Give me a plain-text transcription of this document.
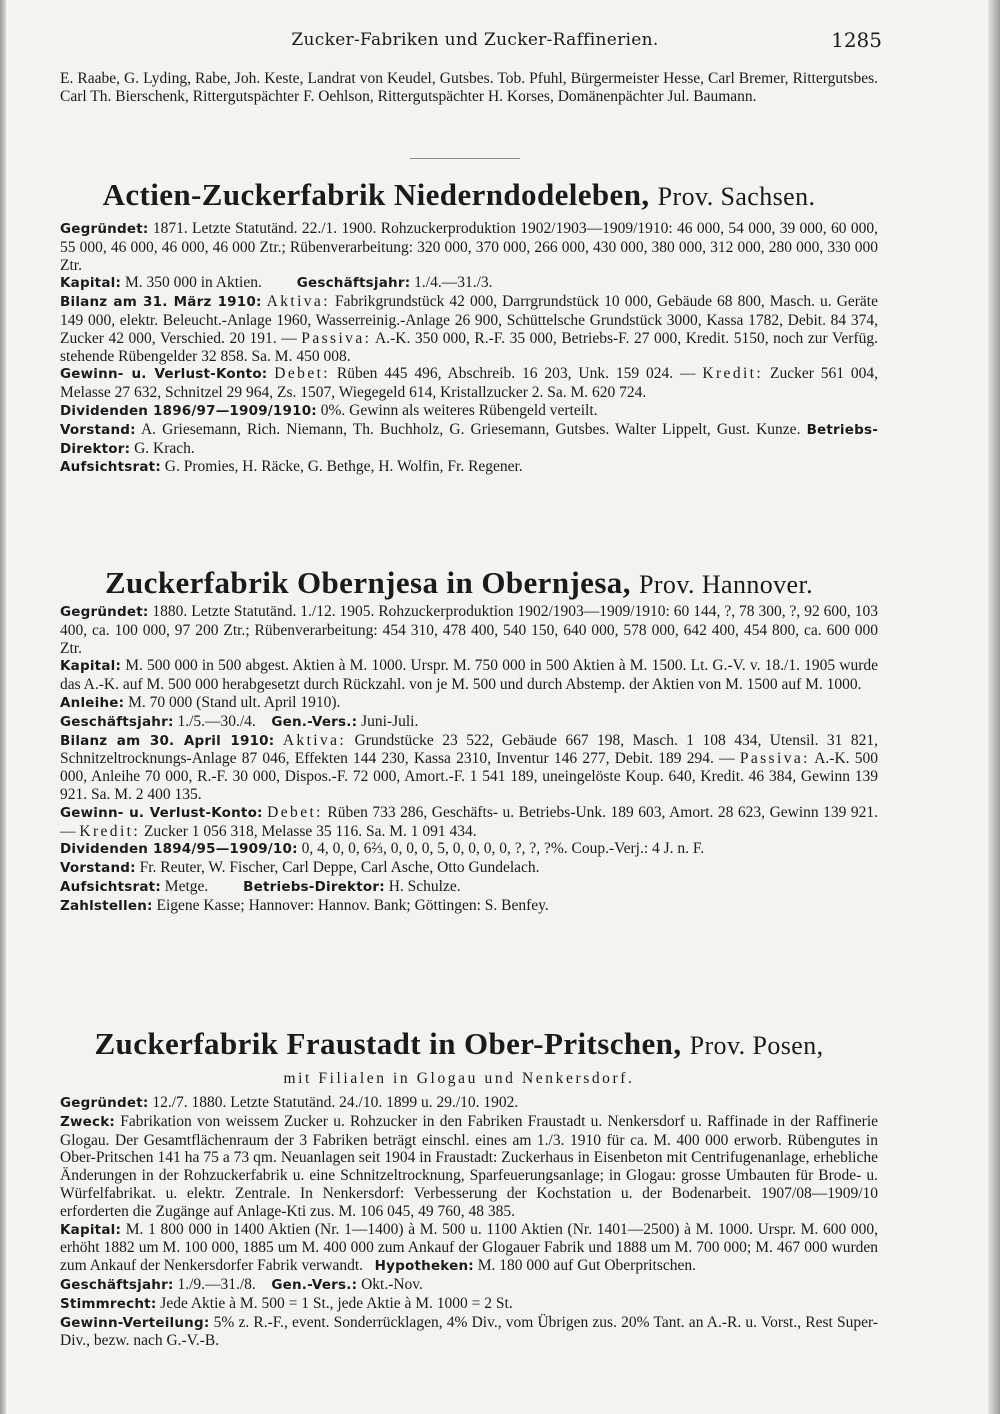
Zucker-Fabriken und Zucker-Raffinerien.	1285

E. Raabe, G. Lyding, Rabe, Joh. Keste, Landrat von Keudel, Gutsbes. Tob. Pfuhl, Bürgermeister Hesse, Carl Bremer, Rittergutsbes. Carl Th. Bierschenk, Rittergutspächter F. Oehlson, Rittergutspächter H. Korses, Domänenpächter Jul. Baumann.

Actien-Zuckerfabrik Niederndodeleben, Prov. Sachsen.

Gegründet: 1871. Letzte Statutänd. 22./1. 1900. Rohzuckerproduktion 1902/1903—1909/1910: 46 000, 54 000, 39 000, 60 000, 55 000, 46 000, 46 000, 46 000 Ztr.; Rübenverarbeitung: 320 000, 370 000, 266 000, 430 000, 380 000, 312 000, 280 000, 330 000 Ztr.

Kapital: M. 350 000 in Aktien.	Geschäftsjahr: 1./4.—31./3.

Bilanz am 31. März 1910: Aktiva: Fabrikgrundstück 42 000, Darrgrundstück 10 000, Gebäude 68 800, Masch. u. Geräte 149 000, elektr. Beleucht.-Anlage 1960, Wasserreinig.-Anlage 26 900, Schüttelsche Grundstück 3000, Kassa 1782, Debit. 84 374, Zucker 42 000, Verschied. 20 191. — Passiva: A.-K. 350 000, R.-F. 35 000, Betriebs-F. 27 000, Kredit. 5150, noch zur Verfüg. stehende Rübengelder 32 858. Sa. M. 450 008.

Gewinn- u. Verlust-Konto: Debet: Rüben 445 496, Abschreib. 16 203, Unk. 159 024. — Kredit: Zucker 561 004, Melasse 27 632, Schnitzel 29 964, Zs. 1507, Wiegegeld 614, Kristallzucker 2. Sa. M. 620 724.

Dividenden 1896/97—1909/1910: 0%. Gewinn als weiteres Rübengeld verteilt.

Vorstand: A. Griesemann, Rich. Niemann, Th. Buchholz, G. Griesemann, Gutsbes. Walter Lippelt, Gust. Kunze. Betriebs-Direktor: G. Krach.

Aufsichtsrat: G. Promies, H. Räcke, G. Bethge, H. Wolfin, Fr. Regener.

Zuckerfabrik Obernjesa in Obernjesa, Prov. Hannover.

Gegründet: 1880. Letzte Statutänd. 1./12. 1905. Rohzuckerproduktion 1902/1903—1909/1910: 60 144, ?, 78 300, ?, 92 600, 103 400, ca. 100 000, 97 200 Ztr.; Rübenverarbeitung: 454 310, 478 400, 540 150, 640 000, 578 000, 642 400, 454 800, ca. 600 000 Ztr.

Kapital: M. 500 000 in 500 abgest. Aktien à M. 1000. Urspr. M. 750 000 in 500 Aktien à M. 1500. Lt. G.-V. v. 18./1. 1905 wurde das A.-K. auf M. 500 000 herabgesetzt durch Rückzahl. von je M. 500 und durch Abstemp. der Aktien von M. 1500 auf M. 1000.

Anleihe: M. 70 000 (Stand ult. April 1910).

Geschäftsjahr: 1./5.—30./4. Gen.-Vers.: Juni-Juli.

Bilanz am 30. April 1910: Aktiva: Grundstücke 23 522, Gebäude 667 198, Masch. 1 108 434, Utensil. 31 821, Schnitzeltrocknungs-Anlage 87 046, Effekten 144 230, Kassa 2310, Inventur 146 277, Debit. 189 294. — Passiva: A.-K. 500 000, Anleihe 70 000, R.-F. 30 000, Dispos.-F. 72 000, Amort.-F. 1 541 189, uneingelöste Koup. 640, Kredit. 46 384, Gewinn 139 921. Sa. M. 2 400 135.

Gewinn- u. Verlust-Konto: Debet: Rüben 733 286, Geschäfts- u. Betriebs-Unk. 189 603, Amort. 28 623, Gewinn 139 921. — Kredit: Zucker 1 056 318, Melasse 35 116. Sa. M. 1 091 434.

Dividenden 1894/95—1909/10: 0, 4, 0, 0, 6⅔, 0, 0, 0, 5, 0, 0, 0, 0, ?, ?, ?%. Coup.-Verj.: 4 J. n. F.

Vorstand: Fr. Reuter, W. Fischer, Carl Deppe, Carl Asche, Otto Gundelach.

Aufsichtsrat: Metge.	Betriebs-Direktor: H. Schulze.

Zahlstellen: Eigene Kasse; Hannover: Hannov. Bank; Göttingen: S. Benfey.

Zuckerfabrik Fraustadt in Ober-Pritschen, Prov. Posen,
mit Filialen in Glogau und Nenkersdorf.

Gegründet: 12./7. 1880. Letzte Statutänd. 24./10. 1899 u. 29./10. 1902.

Zweck: Fabrikation von weissem Zucker u. Rohzucker in den Fabriken Fraustadt u. Nenkersdorf u. Raffinade in der Raffinerie Glogau. Der Gesamtflächenraum der 3 Fabriken beträgt einschl. eines am 1./3. 1910 für ca. M. 400 000 erworb. Rübengutes in Ober-Pritschen 141 ha 75 a 73 qm. Neuanlagen seit 1904 in Fraustadt: Zuckerhaus in Eisenbeton mit Centrifugenanlage, erhebliche Änderungen in der Rohzuckerfabrik u. eine Schnitzeltrocknung, Sparfeuerungsanlage; in Glogau: grosse Umbauten für Brode- u. Würfelfabrikat. u. elektr. Zentrale. In Nenkersdorf: Verbesserung der Kochstation u. der Bodenarbeit. 1907/08—1909/10 erforderten die Zugänge auf Anlage-Kti zus. M. 106 045, 49 760, 48 385.

Kapital: M. 1 800 000 in 1400 Aktien (Nr. 1—1400) à M. 500 u. 1100 Aktien (Nr. 1401—2500) à M. 1000. Urspr. M. 600 000, erhöht 1882 um M. 100 000, 1885 um M. 400 000 zum Ankauf der Glogauer Fabrik und 1888 um M. 700 000; M. 467 000 wurden zum Ankauf der Nenkersdorfer Fabrik verwandt. Hypotheken: M. 180 000 auf Gut Oberpritschen.

Geschäftsjahr: 1./9.—31./8. Gen.-Vers.: Okt.-Nov.

Stimmrecht: Jede Aktie à M. 500 = 1 St., jede Aktie à M. 1000 = 2 St.

Gewinn-Verteilung: 5% z. R.-F., event. Sonderrücklagen, 4% Div., vom Übrigen zus. 20% Tant. an A.-R. u. Vorst., Rest Super-Div., bezw. nach G.-V.-B.
